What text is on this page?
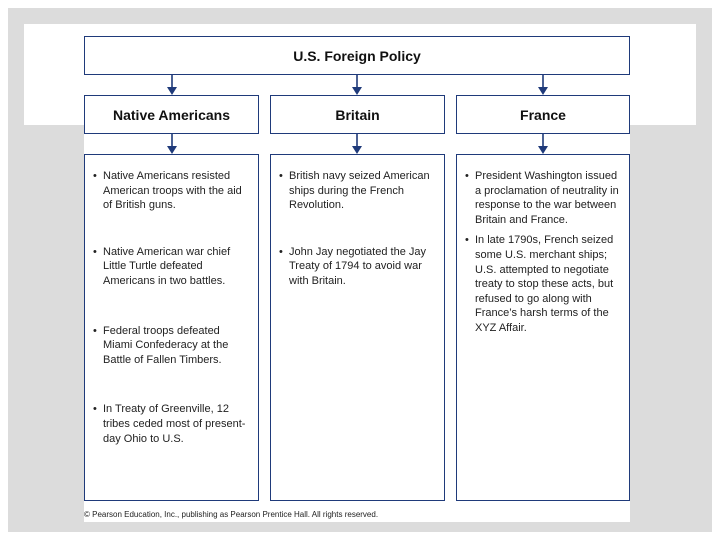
U.S. Foreign Policy
Native Americans	Britain	France
• Native Americans resisted American troops with the aid of British guns.
• Native American war chief Little Turtle defeated Americans in two battles.
• Federal troops defeated Miami Confederacy at the Battle of Fallen Timbers.
• In Treaty of Greenville, 12 tribes ceded most of present-day Ohio to U.S.
• British navy seized American ships during the French Revolution.
• John Jay negotiated the Jay Treaty of 1794 to avoid war with Britain.
• President Washington issued a proclamation of neutrality in response to the war between Britain and France.
• In late 1790s, French seized some U.S. merchant ships; U.S. attempted to negotiate treaty to stop these acts, but refused to go along with France’s harsh terms of the XYZ Affair.
© Pearson Education, Inc., publishing as Pearson Prentice Hall. All rights reserved.
